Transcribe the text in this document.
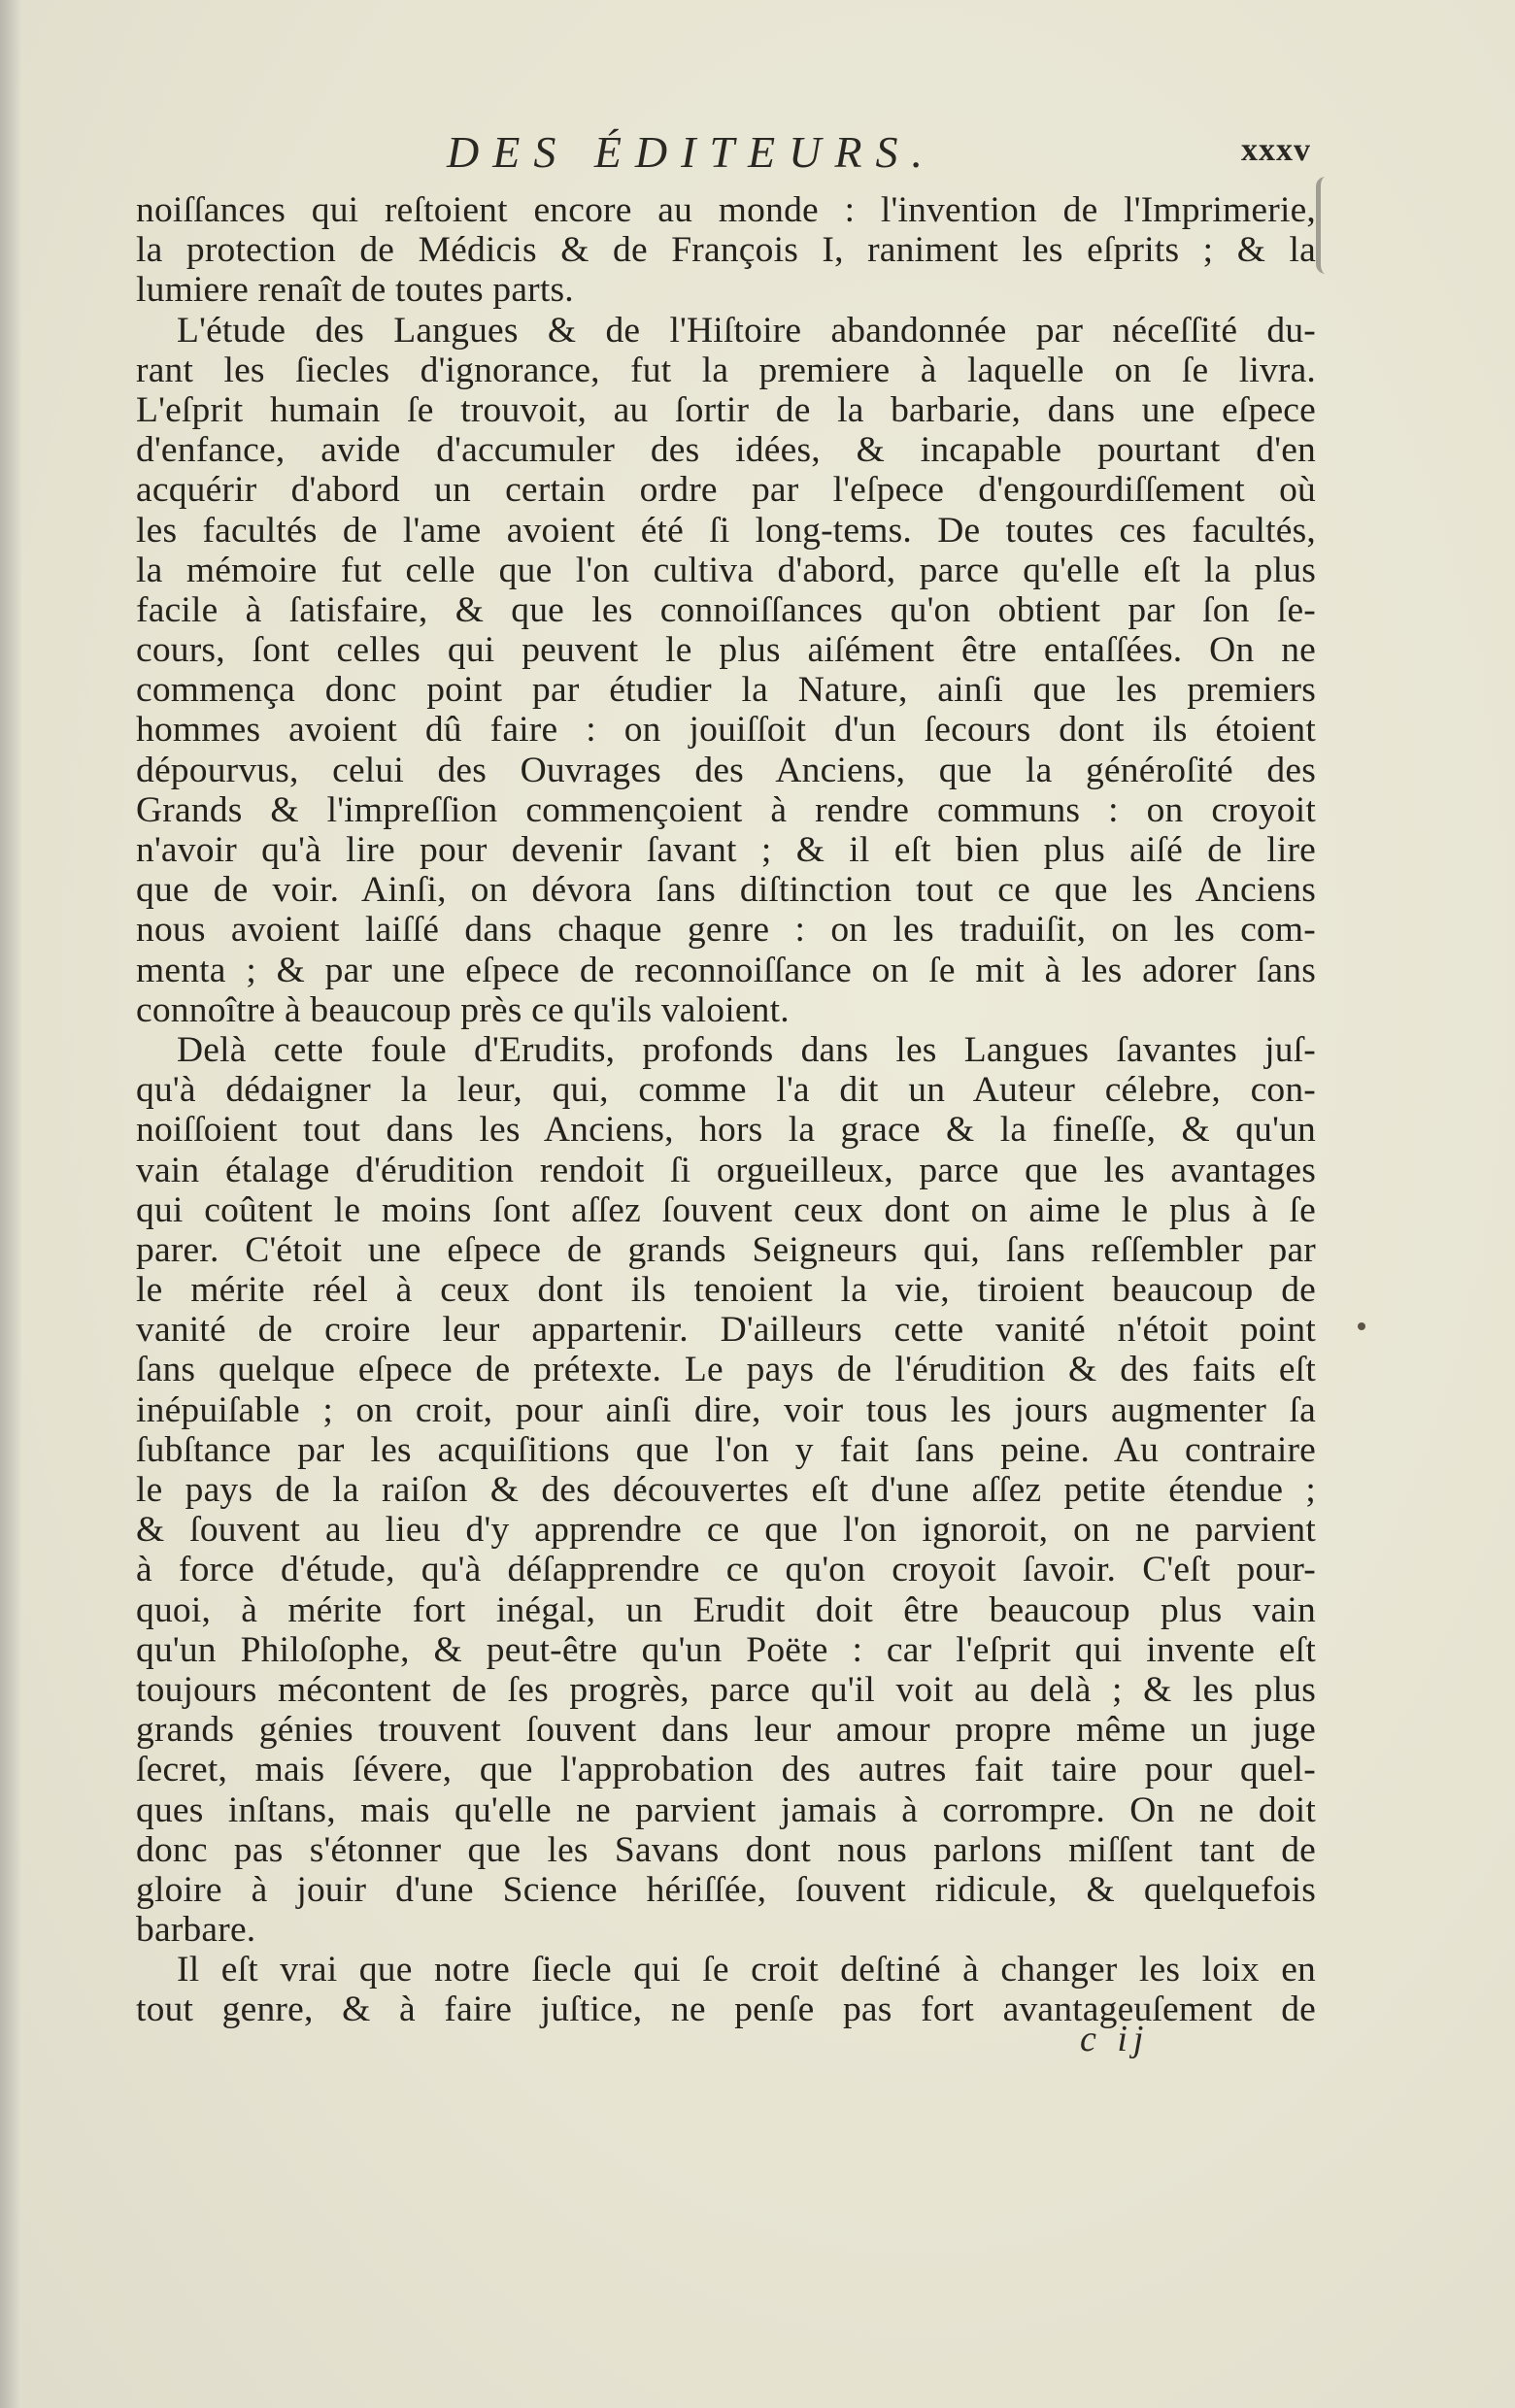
DES ÉDITEURS.	xxxv
noiſſances qui reſtoient encore au monde : l'invention de l'Imprimerie,
la protection de Médicis & de François I, raniment les eſprits ; & la
lumiere renaît de toutes parts.
L'étude des Langues & de l'Hiſtoire abandonnée par néceſſité du-
rant les ſiecles d'ignorance, fut la premiere à laquelle on ſe livra.
L'eſprit humain ſe trouvoit, au ſortir de la barbarie, dans une eſpece
d'enfance, avide d'accumuler des idées, & incapable pourtant d'en
acquérir d'abord un certain ordre par l'eſpece d'engourdiſſement où
les facultés de l'ame avoient été ſi long-tems. De toutes ces facultés,
la mémoire fut celle que l'on cultiva d'abord, parce qu'elle eſt la plus
facile à ſatisfaire, & que les connoiſſances qu'on obtient par ſon ſe-
cours, ſont celles qui peuvent le plus aiſément être entaſſées. On ne
commença donc point par étudier la Nature, ainſi que les premiers
hommes avoient dû faire : on jouiſſoit d'un ſecours dont ils étoient
dépourvus, celui des Ouvrages des Anciens, que la généroſité des
Grands & l'impreſſion commençoient à rendre communs : on croyoit
n'avoir qu'à lire pour devenir ſavant ; & il eſt bien plus aiſé de lire
que de voir. Ainſi, on dévora ſans diſtinction tout ce que les Anciens
nous avoient laiſſé dans chaque genre : on les traduiſit, on les com-
menta ; & par une eſpece de reconnoiſſance on ſe mit à les adorer ſans
connoître à beaucoup près ce qu'ils valoient.
Delà cette foule d'Erudits, profonds dans les Langues ſavantes juſ-
qu'à dédaigner la leur, qui, comme l'a dit un Auteur célebre, con-
noiſſoient tout dans les Anciens, hors la grace & la fineſſe, & qu'un
vain étalage d'érudition rendoit ſi orgueilleux, parce que les avantages
qui coûtent le moins ſont aſſez ſouvent ceux dont on aime le plus à ſe
parer. C'étoit une eſpece de grands Seigneurs qui, ſans reſſembler par
le mérite réel à ceux dont ils tenoient la vie, tiroient beaucoup de
vanité de croire leur appartenir. D'ailleurs cette vanité n'étoit point
ſans quelque eſpece de prétexte. Le pays de l'érudition & des faits eſt
inépuiſable ; on croit, pour ainſi dire, voir tous les jours augmenter ſa
ſubſtance par les acquiſitions que l'on y fait ſans peine. Au contraire
le pays de la raiſon & des découvertes eſt d'une aſſez petite étendue ;
& ſouvent au lieu d'y apprendre ce que l'on ignoroit, on ne parvient
à force d'étude, qu'à déſapprendre ce qu'on croyoit ſavoir. C'eſt pour-
quoi, à mérite fort inégal, un Erudit doit être beaucoup plus vain
qu'un Philoſophe, & peut-être qu'un Poëte : car l'eſprit qui invente eſt
toujours mécontent de ſes progrès, parce qu'il voit au delà ; & les plus
grands génies trouvent ſouvent dans leur amour propre même un juge
ſecret, mais ſévere, que l'approbation des autres fait taire pour quel-
ques inſtans, mais qu'elle ne parvient jamais à corrompre. On ne doit
donc pas s'étonner que les Savans dont nous parlons miſſent tant de
gloire à jouir d'une Science hériſſée, ſouvent ridicule, & quelquefois
barbare.
Il eſt vrai que notre ſiecle qui ſe croit deſtiné à changer les loix en
tout genre, & à faire juſtice, ne penſe pas fort avantageuſement de
c ij
